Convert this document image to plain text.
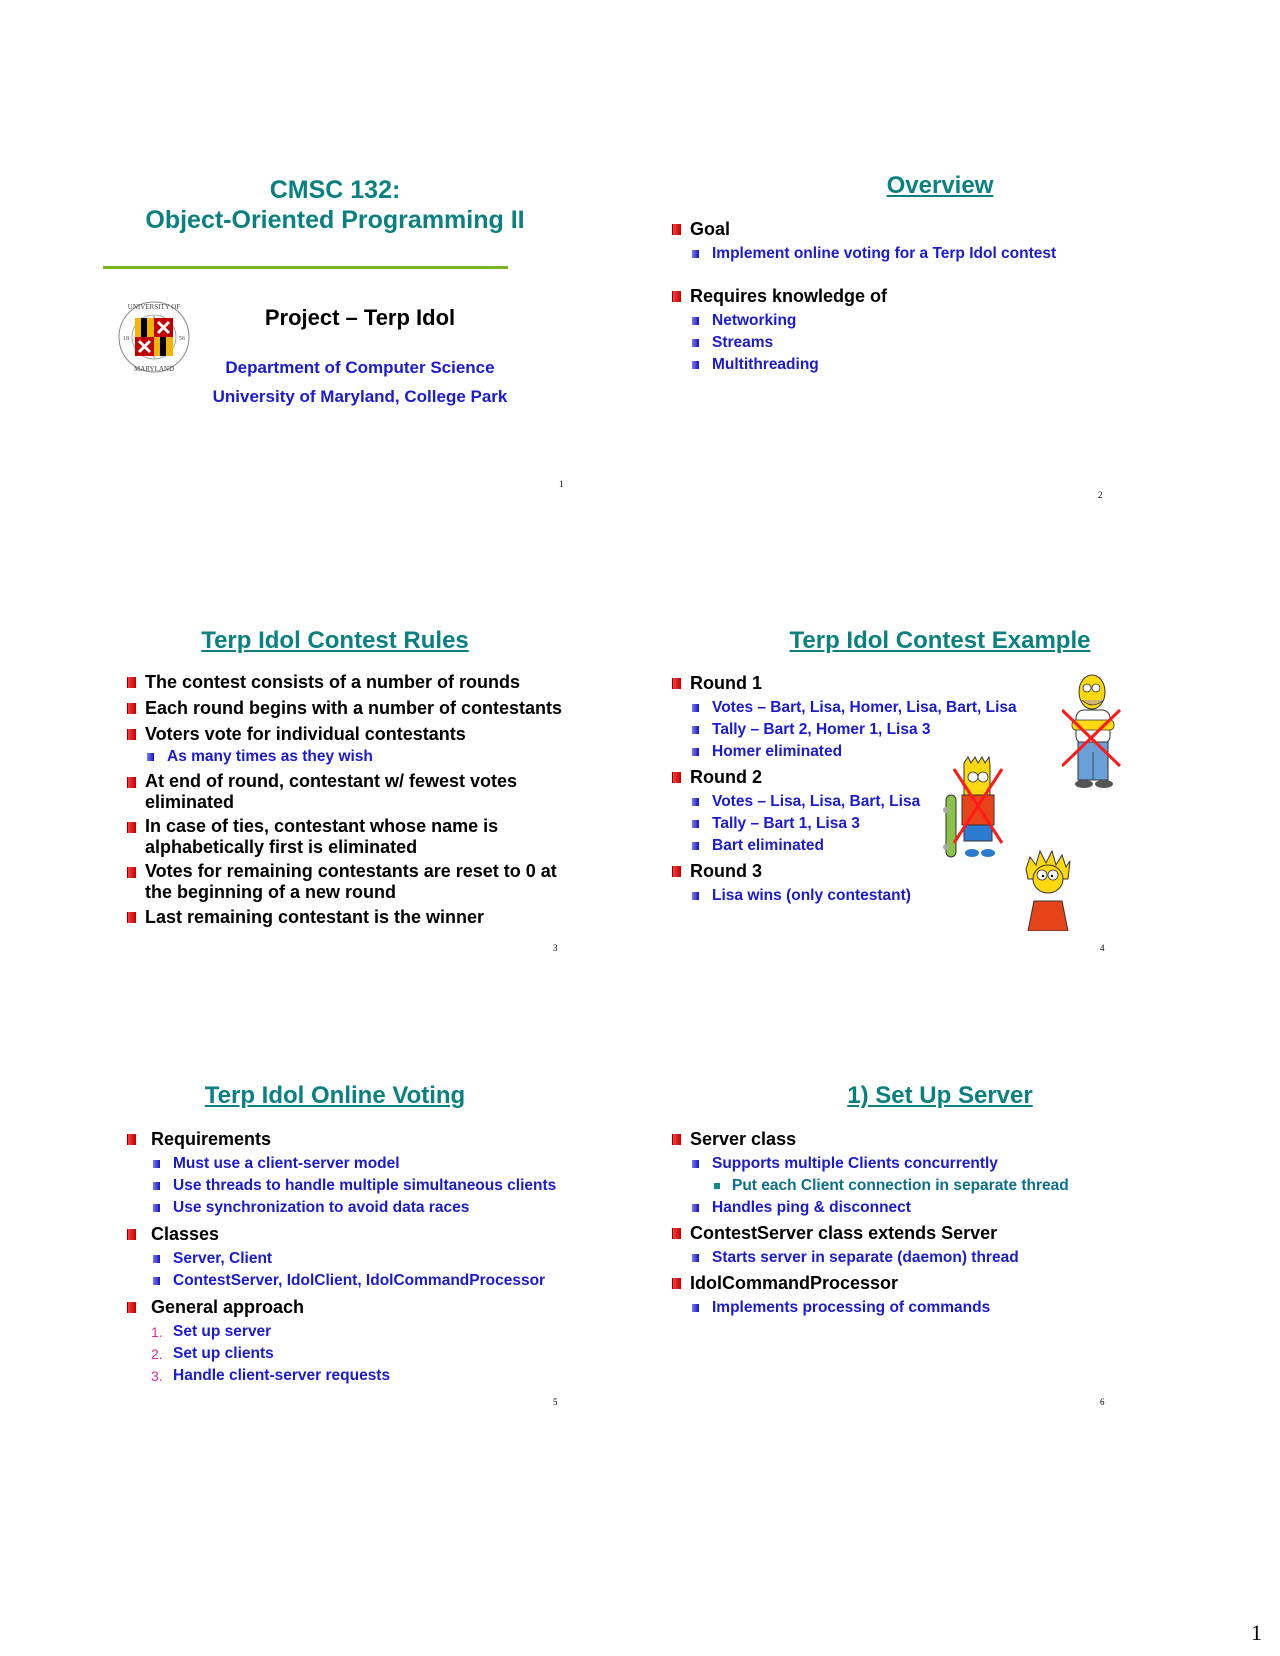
CMSC 132:
Object-Oriented Programming II
UNIVERSITY OF
MARYLAND
18	56
Project – Terp Idol
Department of Computer Science
University of Maryland, College Park
1
Overview
Goal
Implement online voting for a Terp Idol contest
Requires knowledge of
Networking
Streams
Multithreading
2
Terp Idol Contest Rules
The contest consists of a number of rounds
Each round begins with a number of contestants
Voters vote for individual contestants
As many times as they wish
At end of round, contestant w/ fewest votes eliminated
In case of ties, contestant whose name is alphabetically first is eliminated
Votes for remaining contestants are reset to 0 at the beginning of a new round
Last remaining contestant is the winner
3
Terp Idol Contest Example
Round 1
Votes – Bart, Lisa, Homer, Lisa, Bart, Lisa
Tally – Bart 2, Homer 1, Lisa 3
Homer eliminated
Round 2
Votes – Lisa, Lisa, Bart, Lisa
Tally – Bart 1, Lisa 3
Bart eliminated
Round 3
Lisa wins (only contestant)
4
Terp Idol Online Voting
Requirements
Must use a client-server model
Use threads to handle multiple simultaneous clients
Use synchronization to avoid data races
Classes
Server, Client
ContestServer, IdolClient, IdolCommandProcessor
General approach
1. Set up server
2. Set up clients
3. Handle client-server requests
5
1) Set Up Server
Server class
Supports multiple Clients concurrently
Put each Client connection in separate thread
Handles ping & disconnect
ContestServer class extends Server
Starts server in separate (daemon) thread
IdolCommandProcessor
Implements processing of commands
6
1
